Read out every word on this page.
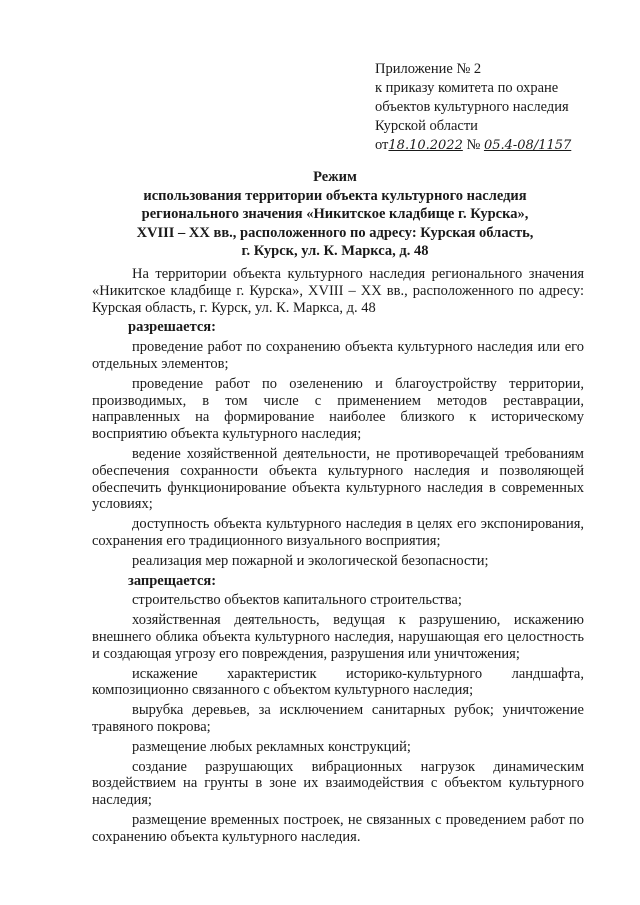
Приложение № 2
к приказу комитета по охране
объектов культурного наследия
Курской области
от18.10.2022 № 05.4-08/1157
Режим
использования территории объекта культурного наследия
регионального значения «Никитское кладбище г. Курска»,
XVIII – XX вв., расположенного по адресу: Курская область,
г. Курск, ул. К. Маркса, д. 48

На территории объекта культурного наследия регионального значения «Никитское кладбище г. Курска», XVIII – XX вв., расположенного по адресу: Курская область, г. Курск, ул. К. Маркса, д. 48

разрешается:

проведение работ по сохранению объекта культурного наследия или его отдельных элементов;

проведение работ по озеленению и благоустройству территории, производимых, в том числе с применением методов реставрации, направленных на формирование наиболее близкого к историческому восприятию объекта культурного наследия;

ведение хозяйственной деятельности, не противоречащей требованиям обеспечения сохранности объекта культурного наследия и позволяющей обеспечить функционирование объекта культурного наследия в современных условиях;

доступность объекта культурного наследия в целях его экспонирования, сохранения его традиционного визуального восприятия;

реализация мер пожарной и экологической безопасности;

запрещается:

строительство объектов капитального строительства;

хозяйственная деятельность, ведущая к разрушению, искажению внешнего облика объекта культурного наследия, нарушающая его целостность и создающая угрозу его повреждения, разрушения или уничтожения;

искажение характеристик историко-культурного ландшафта, композиционно связанного с объектом культурного наследия;

вырубка деревьев, за исключением санитарных рубок; уничтожение травяного покрова;

размещение любых рекламных конструкций;

создание разрушающих вибрационных нагрузок динамическим воздействием на грунты в зоне их взаимодействия с объектом культурного наследия;

размещение временных построек, не связанных с проведением работ по сохранению объекта культурного наследия.
